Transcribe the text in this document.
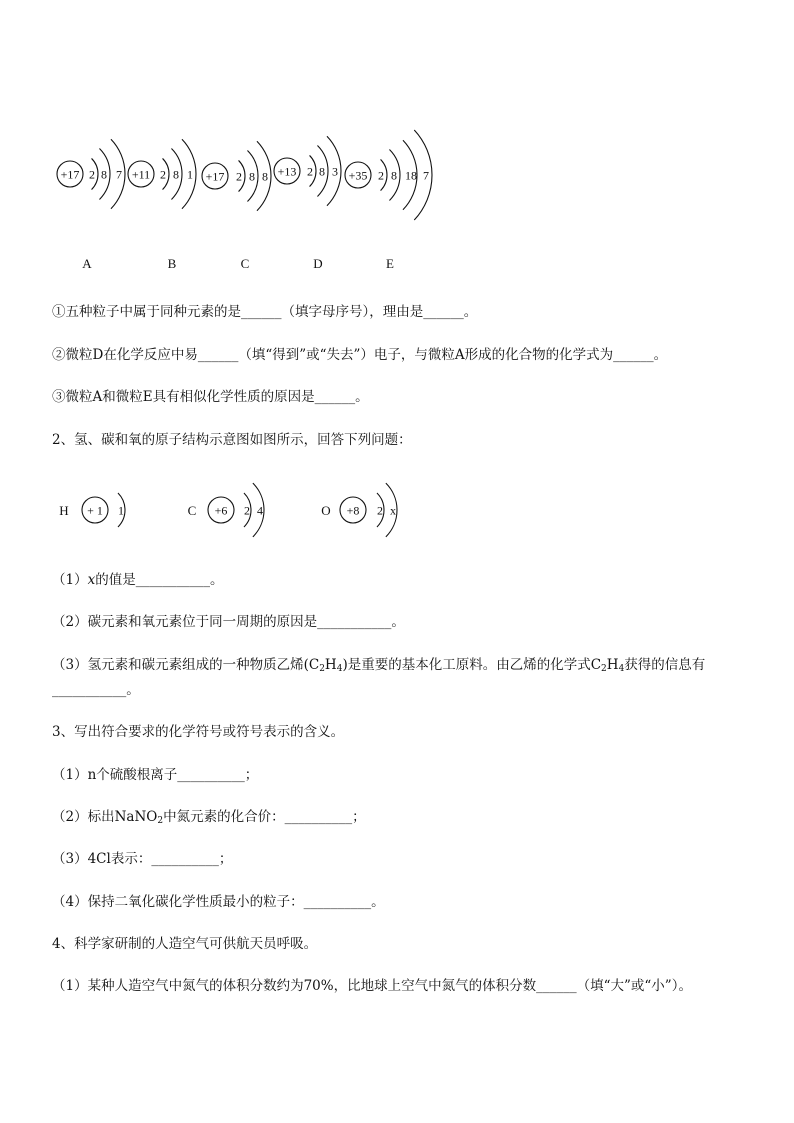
+17 2 8 7
A
+11 2 8 1
B
+17 2 8 8
C
+13 2 8 3
D
+35 2 8 18 7
E
①五种粒子中属于同种元素的是______（填字母序号），理由是______。
②微粒D在化学反应中易______（填“得到”或“失去”）电子，与微粒A形成的化合物的化学式为______。
③微粒A和微粒E具有相似化学性质的原因是______。
2、氢、碳和氧的原子结构示意图如图所示，回答下列问题：
H + 1 1	C +6 2 4	O +8 2 x
（1）x的值是___________。
（2）碳元素和氧元素位于同一周期的原因是___________。
（3）氢元素和碳元素组成的一种物质乙烯$(C_2H_4)$是重要的基本化工原料。由乙烯的化学式$C_2H_4$获得的信息有
___________。
3、写出符合要求的化学符号或符号表示的含义。
（1）n个硫酸根离子__________；
（2）标出NaNO$_2$中氮元素的化合价：__________；
（3）4Cl表示：__________；
（4）保持二氧化碳化学性质最小的粒子：__________。
4、科学家研制的人造空气可供航天员呼吸。
（1）某种人造空气中氮气的体积分数约为70%，比地球上空气中氮气的体积分数______（填“大”或“小”）。
